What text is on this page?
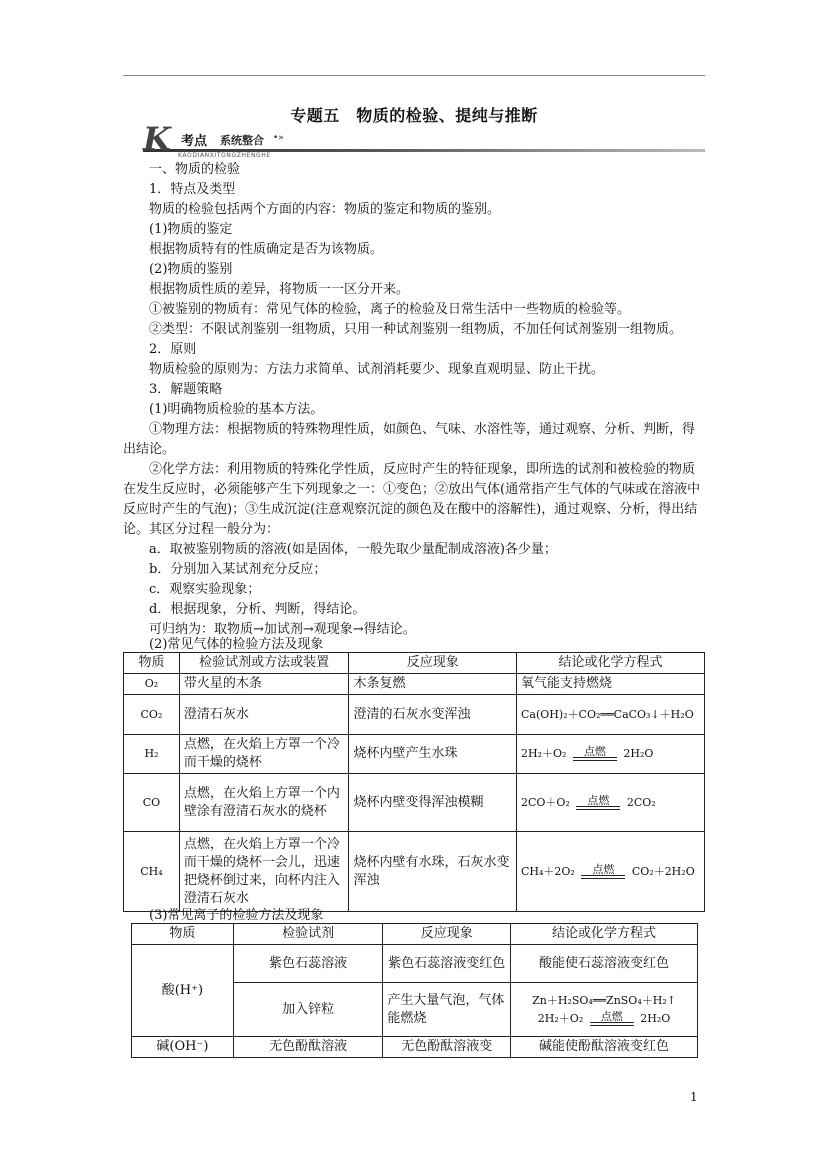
专题五　物质的检验、提纯与推断
K 考点 系统整合 •»
KAODIANXITONGZHENGHE

一、物质的检验

1．特点及类型

物质的检验包括两个方面的内容：物质的鉴定和物质的鉴别。

(1)物质的鉴定

根据物质特有的性质确定是否为该物质。

(2)物质的鉴别

根据物质性质的差异，将物质一一区分开来。

①被鉴别的物质有：常见气体的检验，离子的检验及日常生活中一些物质的检验等。

②类型：不限试剂鉴别一组物质，只用一种试剂鉴别一组物质，不加任何试剂鉴别一组物质。

2．原则

物质检验的原则为：方法力求简单、试剂消耗要少、现象直观明显、防止干扰。

3．解题策略

(1)明确物质检验的基本方法。

①物理方法：根据物质的特殊物理性质，如颜色、气味、水溶性等，通过观察、分析、判断，得出结论。

②化学方法：利用物质的特殊化学性质，反应时产生的特征现象，即所选的试剂和被检验的物质在发生反应时，必须能够产生下列现象之一：①变色；②放出气体(通常指产生气体的气味或在溶液中反应时产生的气泡)；③生成沉淀(注意观察沉淀的颜色及在酸中的溶解性)，通过观察、分析，得出结论。其区分过程一般分为：

a．取被鉴别物质的溶液(如是固体，一般先取少量配制成溶液)各少量；

b．分别加入某试剂充分反应；

c．观察实验现象；

d．根据现象，分析、判断，得结论。

可归纳为：取物质→加试剂→观现象→得结论。

(2)常见气体的检验方法及现象
物质	检验试剂或方法或装置	反应现象	结论或化学方程式
O₂	带火星的木条	木条复燃	氧气能支持燃烧
CO₂	澄清石灰水	澄清的石灰水变浑浊	Ca(OH)₂＋CO₂══CaCO₃↓＋H₂O
H₂	点燃，在火焰上方罩一个冷而干燥的烧杯	烧杯内壁产生水珠	2H₂＋O₂ 点燃 2H₂O
CO	点燃，在火焰上方罩一个内壁涂有澄清石灰水的烧杯	烧杯内壁变得浑浊模糊	2CO＋O₂ 点燃 2CO₂
CH₄	点燃，在火焰上方罩一个冷而干燥的烧杯一会儿，迅速把烧杯倒过来，向杯内注入澄清石灰水	烧杯内壁有水珠，石灰水变浑浊	CH₄＋2O₂ 点燃 CO₂＋2H₂O
(3)常见离子的检验方法及现象
物质	检验试剂	反应现象	结论或化学方程式
酸(H⁺)	紫色石蕊溶液	紫色石蕊溶液变红色	酸能使石蕊溶液变红色
	加入锌粒	产生大量气泡，气体能燃烧	Zn＋H₂SO₄══ZnSO₄＋H₂↑
2H₂＋O₂ 点燃 2H₂O

碱(OH⁻)	无色酚酞溶液	无色酚酞溶液变	碱能使酚酞溶液变红色
1
